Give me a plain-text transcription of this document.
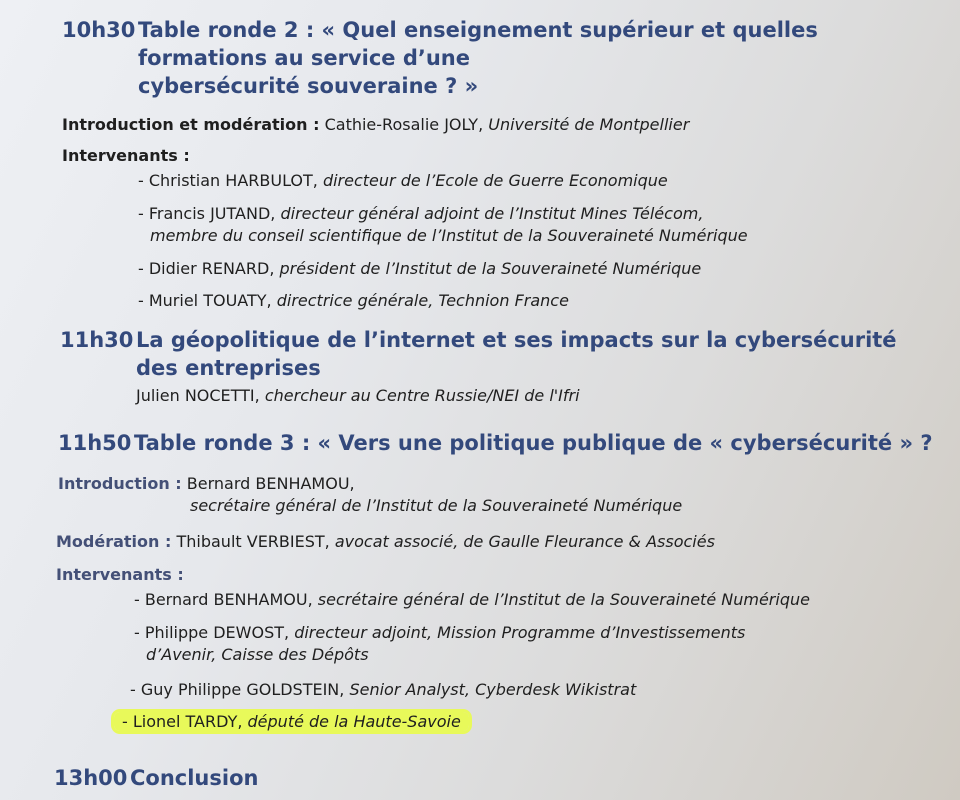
10h30 Table ronde 2 : « Quel enseignement supérieur et quelles
formations au service d’une
cybersécurité souveraine ? »
Introduction et modération : Cathie-Rosalie JOLY, Université de Montpellier
Intervenants :
- Christian HARBULOT, directeur de l’Ecole de Guerre Economique
- Francis JUTAND, directeur général adjoint de l’Institut Mines Télécom,
membre du conseil scientifique de l’Institut de la Souveraineté Numérique
- Didier RENARD, président de l’Institut de la Souveraineté Numérique
- Muriel TOUATY, directrice générale, Technion France
11h30 La géopolitique de l’internet et ses impacts sur la cybersécurité
des entreprises
Julien NOCETTI, chercheur au Centre Russie/NEI de l'Ifri
11h50 Table ronde 3 : « Vers une politique publique de « cybersécurité » ?
Introduction : Bernard BENHAMOU,
secrétaire général de l’Institut de la Souveraineté Numérique
Modération : Thibault VERBIEST, avocat associé, de Gaulle Fleurance & Associés
Intervenants :
- Bernard BENHAMOU, secrétaire général de l’Institut de la Souveraineté Numérique
- Philippe DEWOST, directeur adjoint, Mission Programme d’Investissements
d’Avenir, Caisse des Dépôts
- Guy Philippe GOLDSTEIN, Senior Analyst, Cyberdesk Wikistrat
- Lionel TARDY, député de la Haute-Savoie
13h00 Conclusion
